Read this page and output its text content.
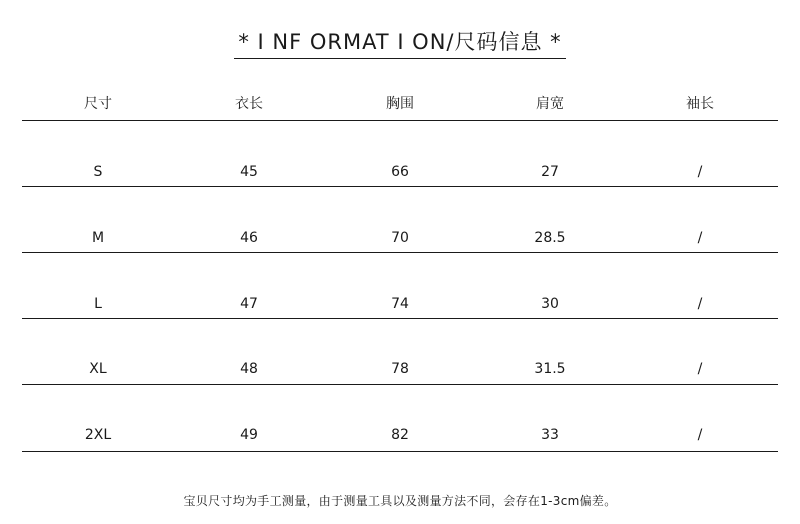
* I NF ORMAT I ON/尺码信息 *
尺寸	衣长	胸围	肩宽	袖长
S	45	66	27	/
M	46	70	28.5	/
L	47	74	30	/
XL	48	78	31.5	/
2XL	49	82	33	/
宝贝尺寸均为手工测量，由于测量工具以及测量方法不同，会存在1-3cm偏差。
